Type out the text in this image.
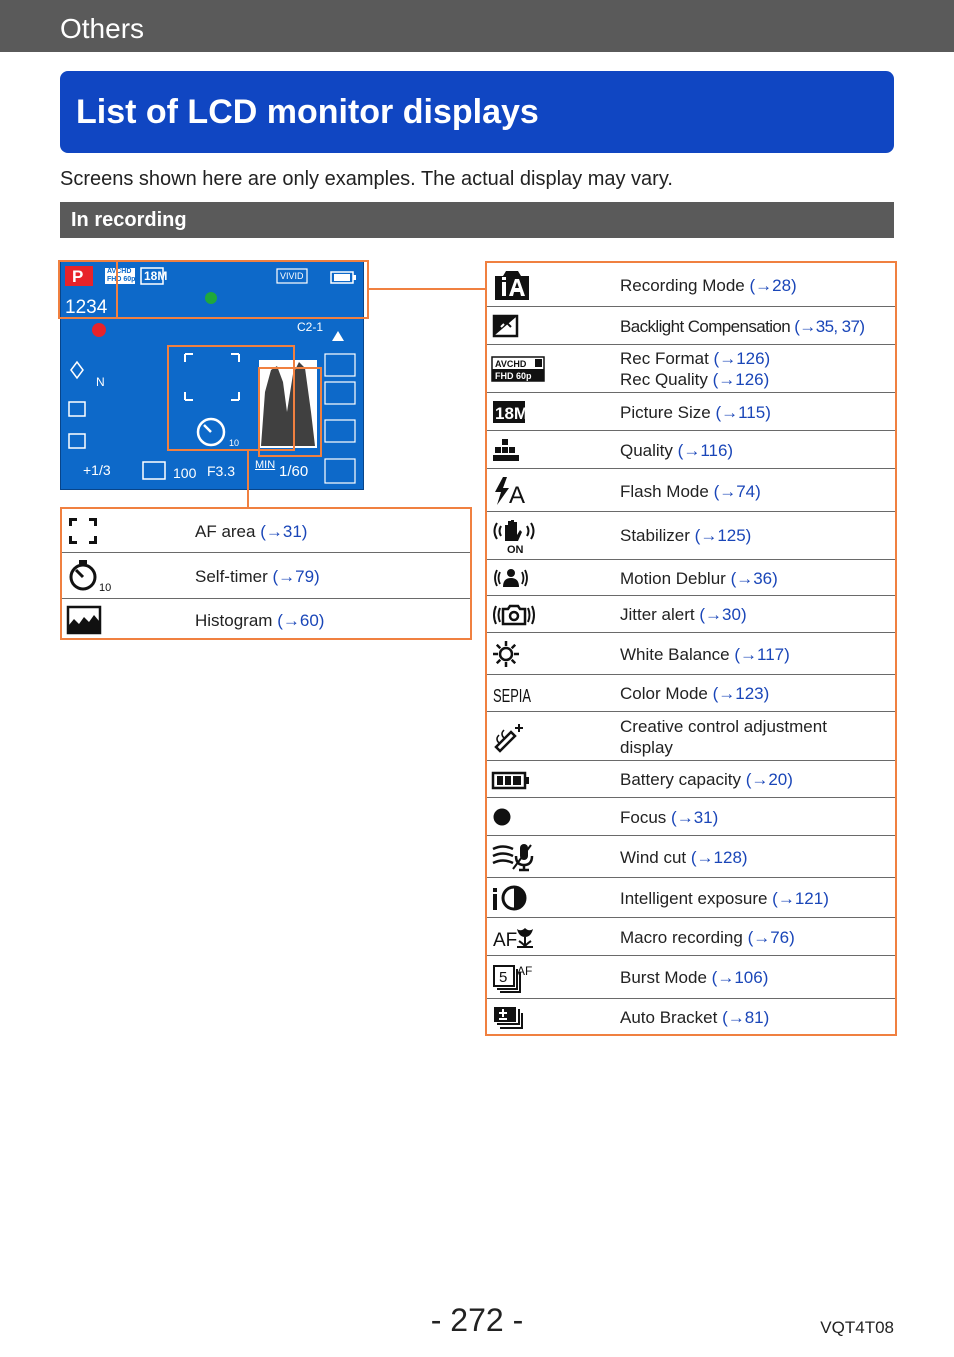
Others
List of LCD monitor displays
Screens shown here are only examples. The actual display may vary.
In recording
P	AVCHD
FHD 60p 18M	VIVID
1234
N
C2-1
10
+1/3	100 F3.3 MIN 1/60
AF area (→31)
10
Self-timer (→79)
Histogram (→60)
Recording Mode (→28)
Backlight Compensation (→35, 37)
AVCHD
FHD 60p
Rec Format (→126)
Rec Quality (→126)
18M	Picture Size (→115)
Quality (→116)
A	Flash Mode (→74)
ON
Stabilizer (→125)
Motion Deblur (→36)
Jitter alert (→30)
White Balance (→117)
SEPIA	Color Mode (→123)
Creative control adjustment
display
Battery capacity (→20)
Focus (→31)
Wind cut (→128)
Intelligent exposure (→121)
AF	Macro recording (→76)
5 AF	Burst Mode (→106)
Auto Bracket (→81)
- 272 -	VQT4T08
